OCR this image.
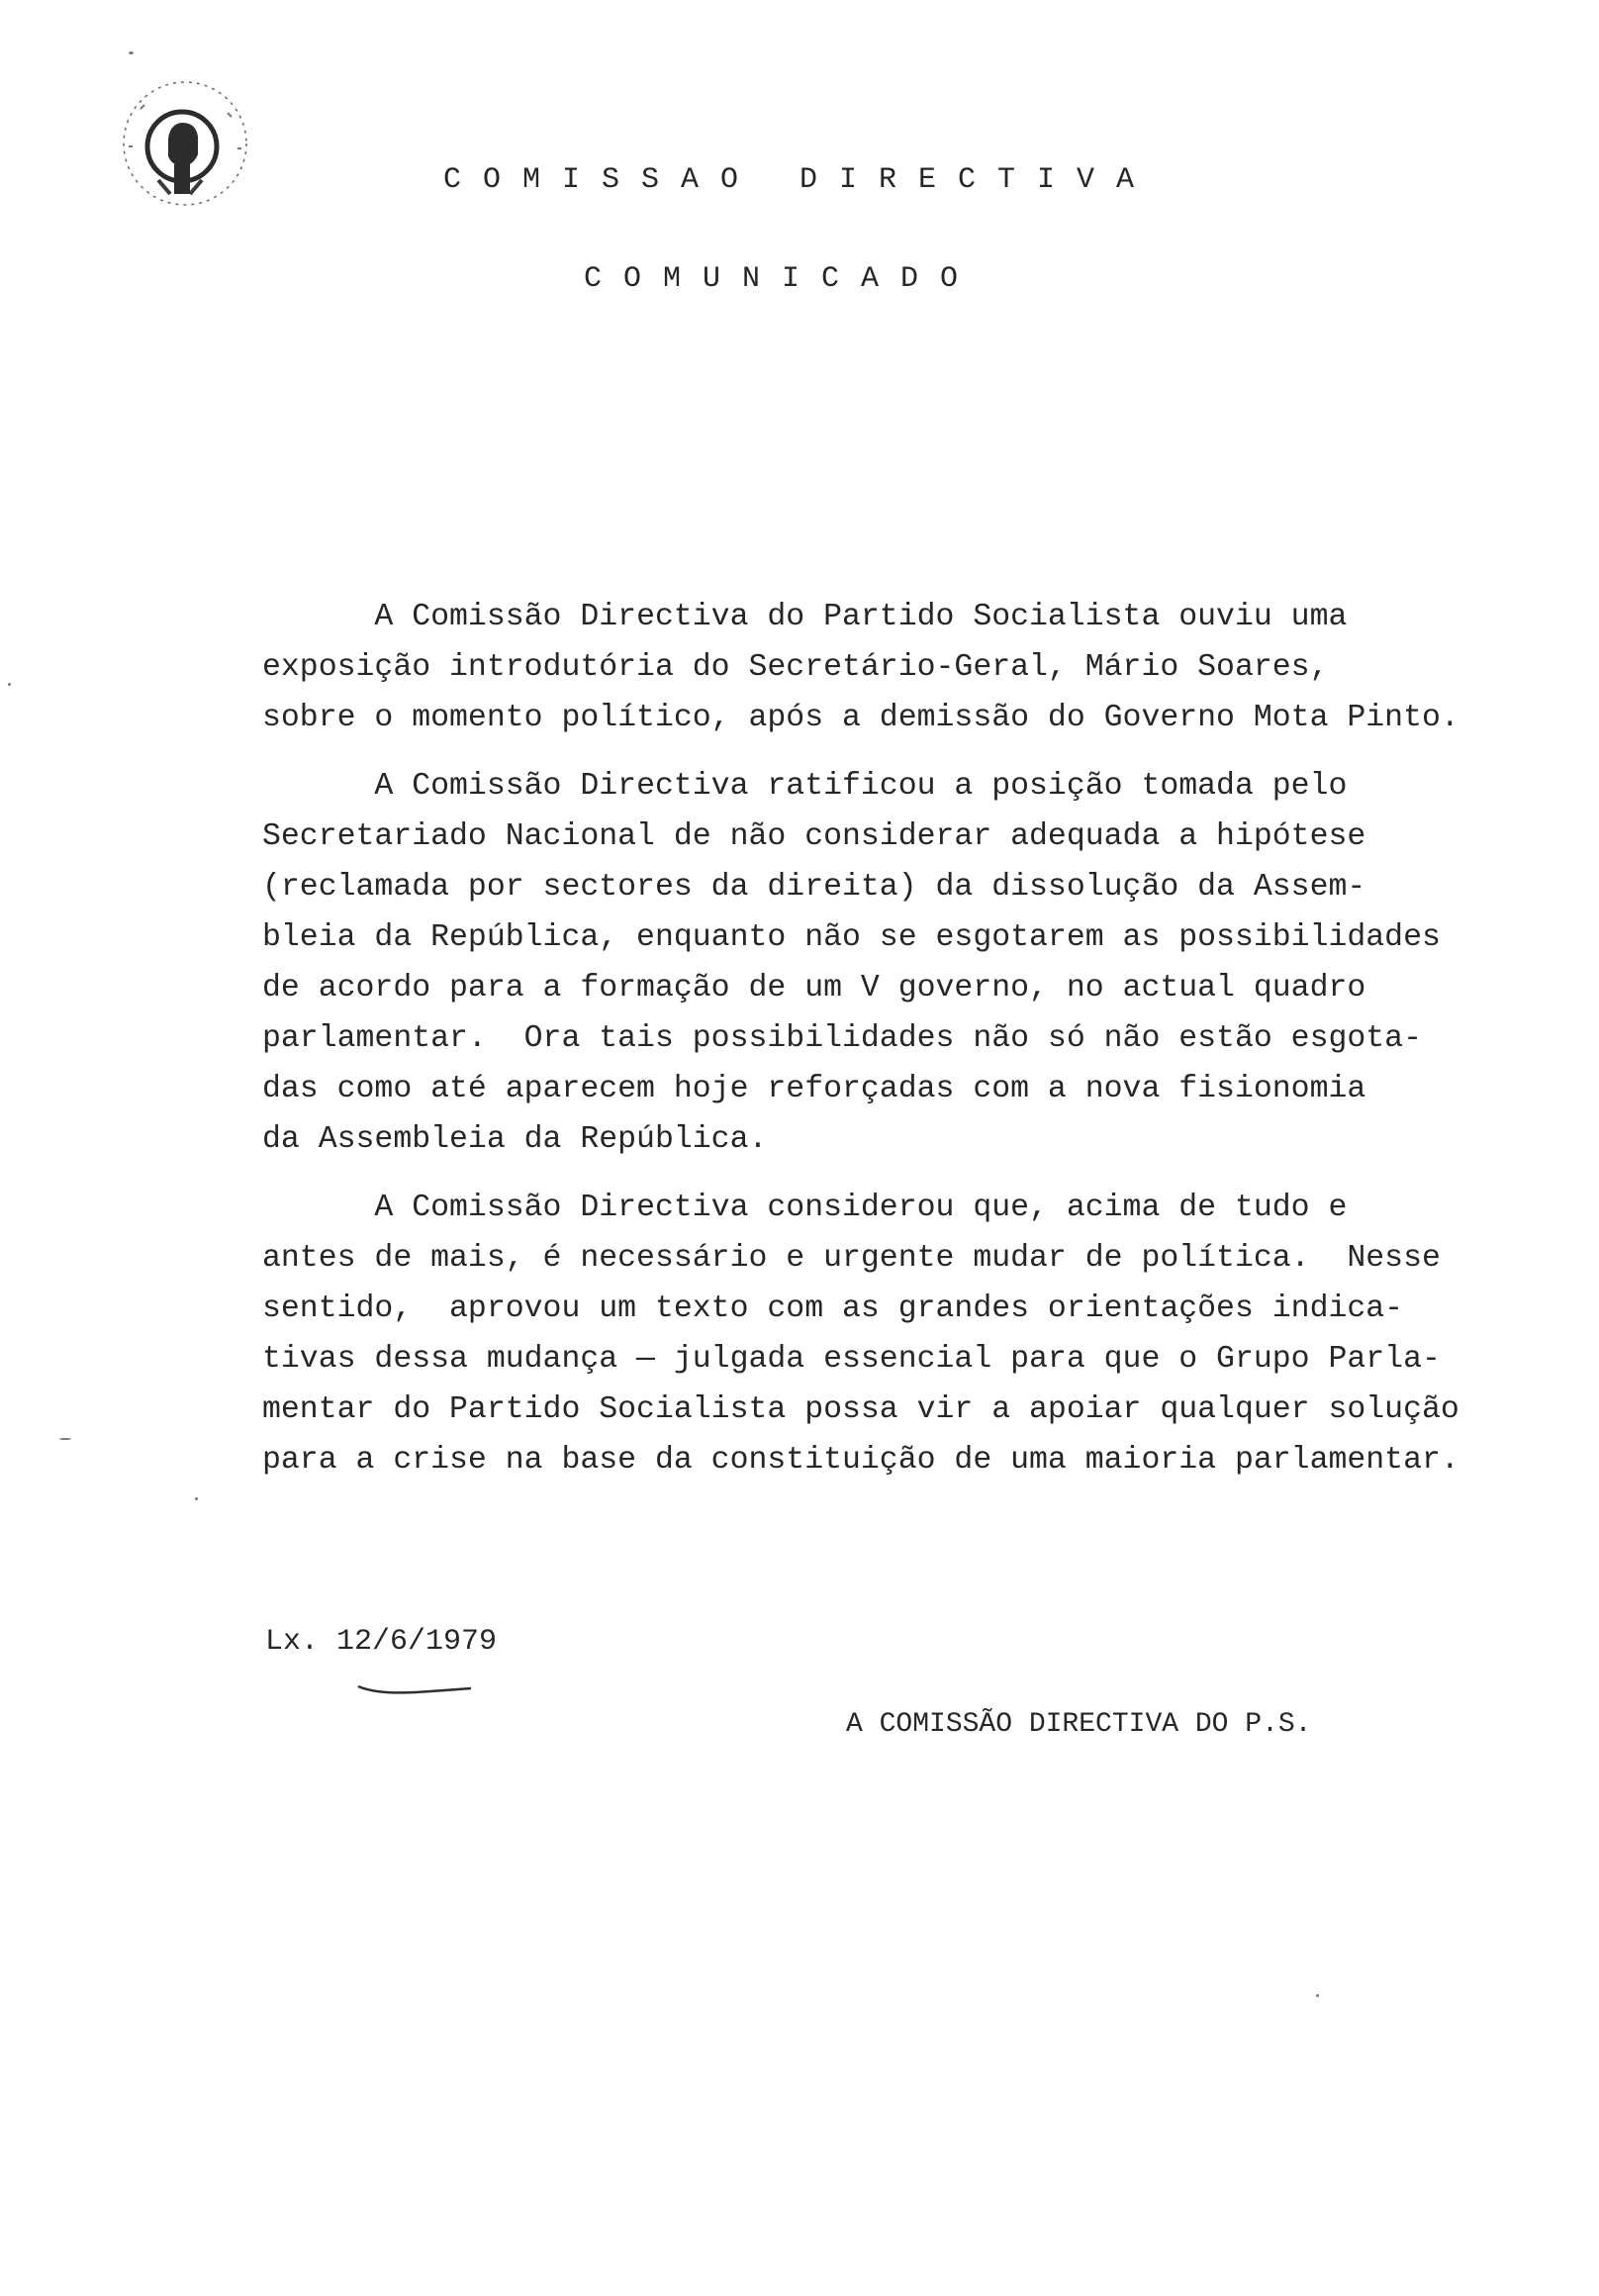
COMISSAO DIRECTIVA
COMUNICADO

A Comissão Directiva do Partido Socialista ouviu uma
exposição introdutória do Secretário-Geral, Mário Soares,
sobre o momento político, após a demissão do Governo Mota Pinto.

A Comissão Directiva ratificou a posição tomada pelo
Secretariado Nacional de não considerar adequada a hipótese
(reclamada por sectores da direita) da dissolução da Assem-
bleia da República, enquanto não se esgotarem as possibilidades
de acordo para a formação de um V governo, no actual quadro
parlamentar.  Ora tais possibilidades não só não estão esgota-
das como até aparecem hoje reforçadas com a nova fisionomia
da Assembleia da República.

A Comissão Directiva considerou que, acima de tudo e
antes de mais, é necessário e urgente mudar de política.  Nesse
sentido,  aprovou um texto com as grandes orientações indica-
tivas dessa mudança — julgada essencial para que o Grupo Parla-
mentar do Partido Socialista possa vir a apoiar qualquer solução
para a crise na base da constituição de uma maioria parlamentar.

Lx. 12/6/1979
A COMISSÃO DIRECTIVA DO P.S.
